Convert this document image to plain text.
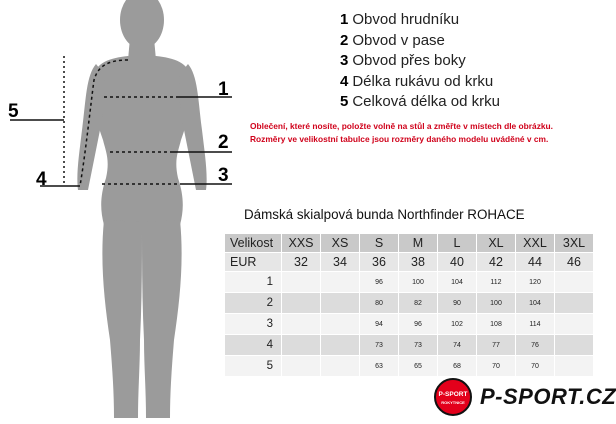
1
2
3
4
5
1 Obvod hrudníku
2 Obvod v pase
3 Obvod přes boky
4 Délka rukávu od krku
5 Celková délka od krku
Oblečení, které nosíte, položte volně na stůl a změřte v místech dle obrázku.
Rozměry ve velikostní tabulce jsou rozměry daného modelu uváděné v cm.
Dámská skialpová bunda Northfinder ROHACE
Velikost	XXS	XS	S	M	L	XL	XXL	3XL
EUR	32	34	36	38	40	42	44	46
1			96	100	104	112	120	
2			80	82	90	100	104	
3			94	96	102	108	114	
4			73	73	74	77	76	
5			63	65	68	70	70	
P-SPORT
ROKYTNICE P-SPORT.CZ
